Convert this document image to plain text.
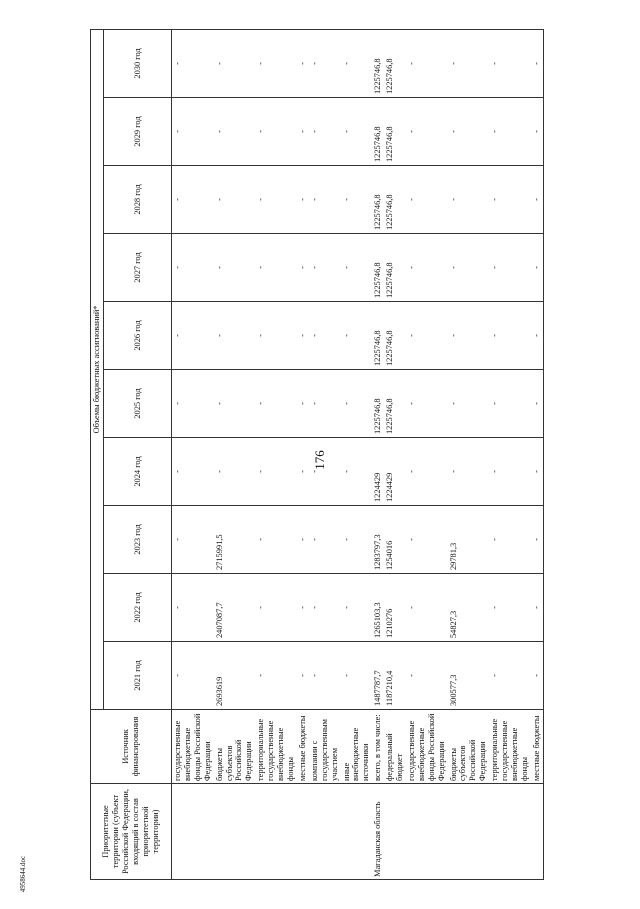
176
4958644.doc
Приоритетные территории (субъект Российской Федерации, входящий в состав приоритетной территории)	Источник финансирования	Объемы бюджетных ассигнований*									
		2021 год	2022 год	2023 год	2024 год	2025 год	2026 год	2027 год	2028 год	2029 год	2030 год
	государственные внебюджетные фонды Российской Федерации	-	-	-	-	-	-	-	-	-	-
	бюджеты субъектов Российской Федерации	2693619	2407087,7	2715991,5	-	-	-	-	-	-	-
	территориальные государственные внебюджетные фонды	-	-	-	-	-	-	-	-	-	-
	местные бюджеты	-	-	-	-	-	-	-	-	-	-
	компании с государственным участием	-	-	-	-	-	-	-	-	-	-
	иные внебюджетные источники	-	-	-	-	-	-	-	-	-	-
Магаданская область	всего, в том числе:	1487787,7	1265103,3	1283797,3	1224429	1225746,8	1225746,8	1225746,8	1225746,8	1225746,8	1225746,8
	федеральный бюджет	1187210,4	1210276	1254016	1224429	1225746,8	1225746,8	1225746,8	1225746,8	1225746,8	1225746,8
	государственные внебюджетные фонды Российской Федерации	-	-	-	-	-	-	-	-	-	-
	бюджеты субъектов Российской Федерации	300577,3	54827,3	29781,3	-	-	-	-	-	-	-
	территориальные государственные внебюджетные фонды	-	-	-	-	-	-	-	-	-	-
	местные бюджеты	-	-	-	-	-	-	-	-	-	-
